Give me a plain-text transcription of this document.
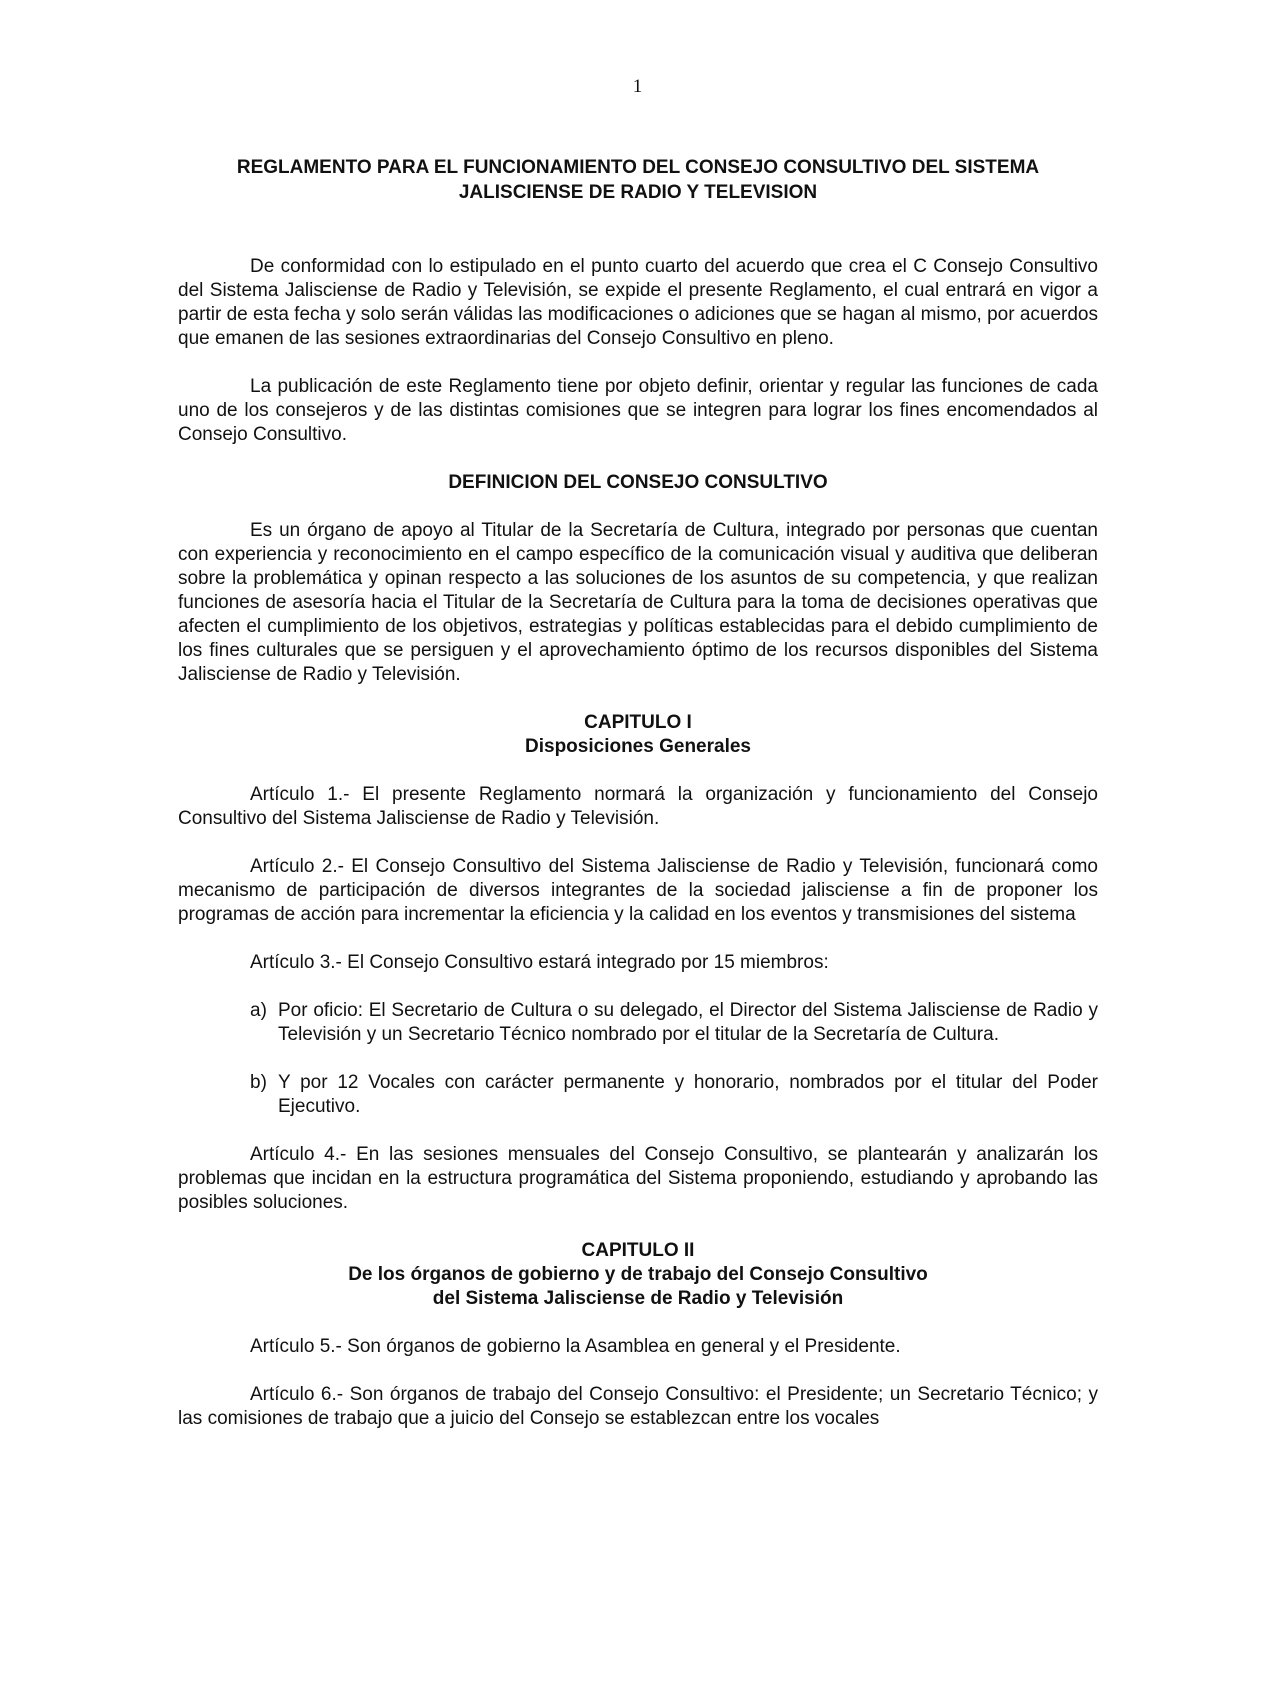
1
REGLAMENTO PARA EL FUNCIONAMIENTO DEL CONSEJO CONSULTIVO DEL SISTEMA
JALISCIENSE DE RADIO Y TELEVISION

De conformidad con lo estipulado en el punto cuarto del acuerdo que crea el C Consejo Consultivo del Sistema Jalisciense de Radio y Televisión, se expide el presente Reglamento, el cual entrará en vigor a partir de esta fecha y solo serán válidas las modificaciones o adiciones que se hagan al mismo, por acuerdos que emanen de las sesiones extraordinarias del Consejo Consultivo en pleno.

La publicación de este Reglamento tiene por objeto definir, orientar y regular las funciones de cada uno de los consejeros y de las distintas comisiones que se integren para lograr los fines encomendados al Consejo Consultivo.

DEFINICION DEL CONSEJO CONSULTIVO

Es un órgano de apoyo al Titular de la Secretaría de Cultura, integrado por personas que cuentan con experiencia y reconocimiento en el campo específico de la comunicación visual y auditiva que deliberan sobre la problemática y opinan respecto a las soluciones de los asuntos de su competencia, y que realizan funciones de asesoría hacia el Titular de la Secretaría de Cultura para la toma de decisiones operativas que afecten el cumplimiento de los objetivos, estrategias y políticas establecidas para el debido cumplimiento de los fines culturales que se persiguen y el aprovechamiento óptimo de los recursos disponibles del Sistema Jalisciense de Radio y Televisión.

CAPITULO I
Disposiciones Generales

Artículo 1.- El presente Reglamento normará la organización y funcionamiento del Consejo Consultivo del Sistema Jalisciense de Radio y Televisión.

Artículo 2.- El Consejo Consultivo del Sistema Jalisciense de Radio y Televisión, funcionará como mecanismo de participación de diversos integrantes de la sociedad jalisciense a fin de proponer los programas de acción para incrementar la eficiencia y la calidad en los eventos y transmisiones del sistema

Artículo 3.- El Consejo Consultivo estará integrado por 15 miembros:

a) Por oficio: El Secretario de Cultura o su delegado, el Director del Sistema Jalisciense de Radio y Televisión y un Secretario Técnico nombrado por el titular de la Secretaría de Cultura.
b) Y por 12 Vocales con carácter permanente y honorario, nombrados por el titular del Poder Ejecutivo.

Artículo 4.- En las sesiones mensuales del Consejo Consultivo, se plantearán y analizarán los problemas que incidan en la estructura programática del Sistema proponiendo, estudiando y aprobando las posibles soluciones.

CAPITULO II
De los órganos de gobierno y de trabajo del Consejo Consultivo
del Sistema Jalisciense de Radio y Televisión

Artículo 5.- Son órganos de gobierno la Asamblea en general y el Presidente.

Artículo 6.- Son órganos de trabajo del Consejo Consultivo: el Presidente; un Secretario Técnico; y las comisiones de trabajo que a juicio del Consejo se establezcan entre los vocales
